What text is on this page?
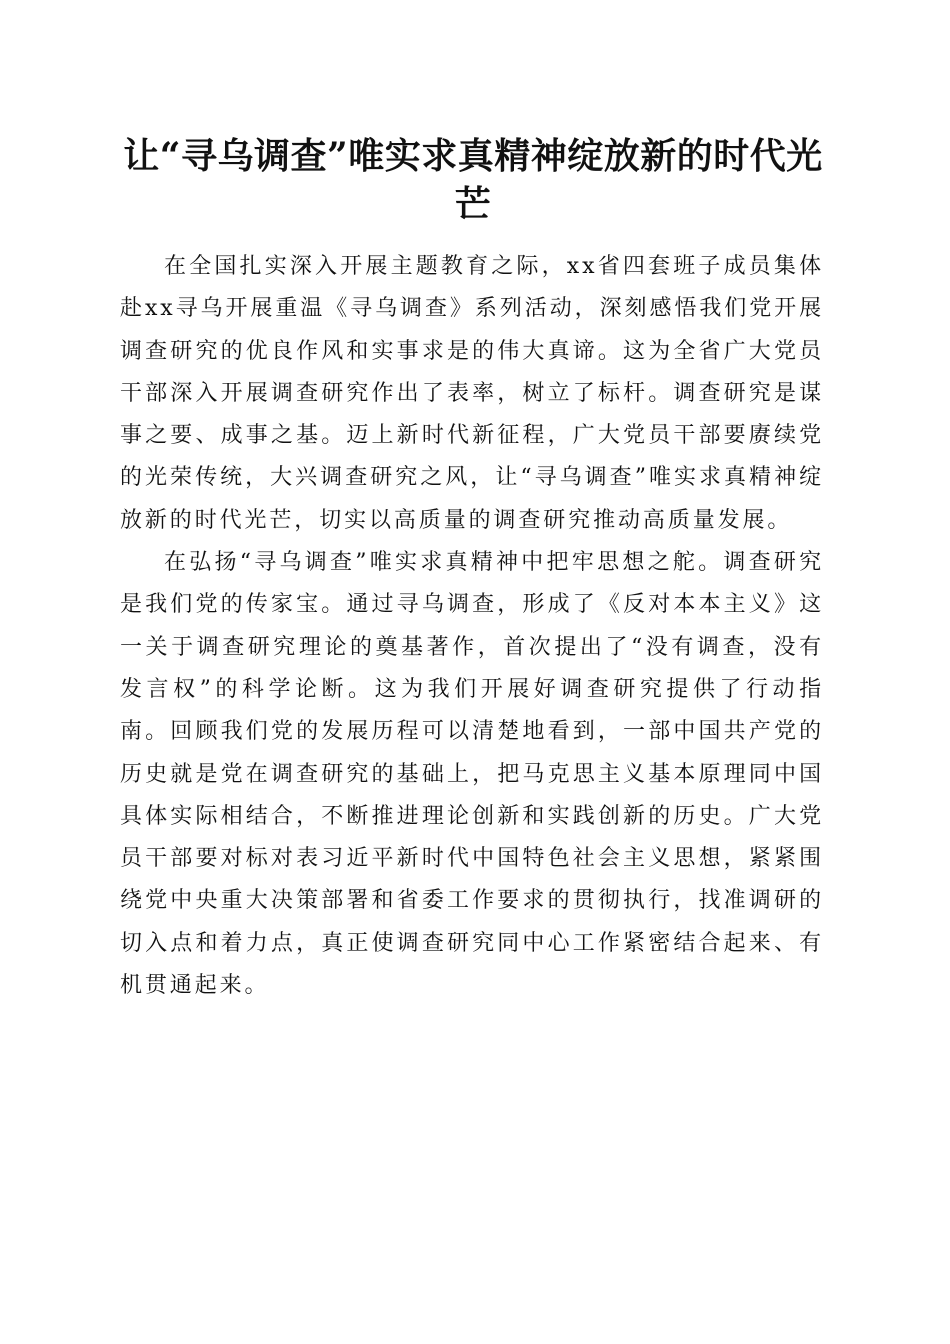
让“寻乌调查”唯实求真精神绽放新的时代光芒

在全国扎实深入开展主题教育之际，xx省四套班子成员集体赴xx寻乌开展重温《寻乌调查》系列活动，深刻感悟我们党开展调查研究的优良作风和实事求是的伟大真谛。这为全省广大党员干部深入开展调查研究作出了表率，树立了标杆。调查研究是谋事之要、成事之基。迈上新时代新征程，广大党员干部要赓续党的光荣传统，大兴调查研究之风，让“寻乌调查”唯实求真精神绽放新的时代光芒，切实以高质量的调查研究推动高质量发展。

在弘扬“寻乌调查”唯实求真精神中把牢思想之舵。调查研究是我们党的传家宝。通过寻乌调查，形成了《反对本本主义》这一关于调查研究理论的奠基著作，首次提出了“没有调查，没有发言权”的科学论断。这为我们开展好调查研究提供了行动指南。回顾我们党的发展历程可以清楚地看到，一部中国共产党的历史就是党在调查研究的基础上，把马克思主义基本原理同中国具体实际相结合，不断推进理论创新和实践创新的历史。广大党员干部要对标对表习近平新时代中国特色社会主义思想，紧紧围绕党中央重大决策部署和省委工作要求的贯彻执行，找准调研的切入点和着力点，真正使调查研究同中心工作紧密结合起来、有机贯通起来。
